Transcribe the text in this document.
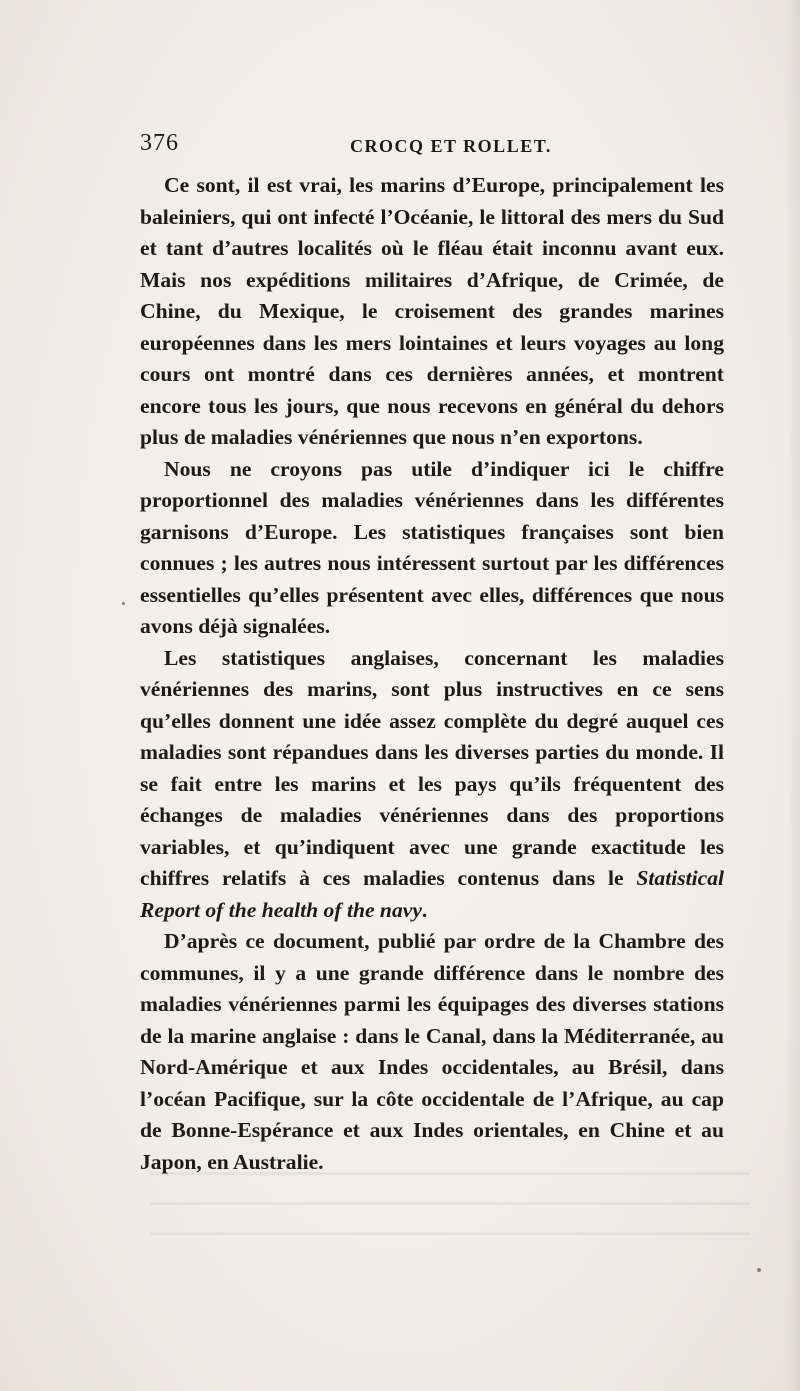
376	CROCQ ET ROLLET.

Ce sont, il est vrai, les marins d’Europe, principalement les baleiniers, qui ont infecté l’Océanie, le littoral des mers du Sud et tant d’autres localités où le fléau était inconnu avant eux. Mais nos expéditions militaires d’Afrique, de Crimée, de Chine, du Mexique, le croisement des grandes marines européennes dans les mers lointaines et leurs voyages au long cours ont montré dans ces dernières années, et montrent encore tous les jours, que nous recevons en général du dehors plus de maladies vénériennes que nous n’en exportons.

Nous ne croyons pas utile d’indiquer ici le chiffre proportionnel des maladies vénériennes dans les différentes garnisons d’Europe. Les statistiques françaises sont bien connues ; les autres nous intéressent surtout par les différences essentielles qu’elles présentent avec elles, différences que nous avons déjà signalées.

Les statistiques anglaises, concernant les maladies vénériennes des marins, sont plus instructives en ce sens qu’elles donnent une idée assez complète du degré auquel ces maladies sont répandues dans les diverses parties du monde. Il se fait entre les marins et les pays qu’ils fréquentent des échanges de maladies vénériennes dans des proportions variables, et qu’indiquent avec une grande exactitude les chiffres relatifs à ces maladies contenus dans le Statistical Report of the health of the navy.

D’après ce document, publié par ordre de la Chambre des communes, il y a une grande différence dans le nombre des maladies vénériennes parmi les équipages des diverses stations de la marine anglaise : dans le Canal, dans la Méditerranée, au Nord-Amérique et aux Indes occidentales, au Brésil, dans l’océan Pacifique, sur la côte occidentale de l’Afrique, au cap de Bonne-Espérance et aux Indes orientales, en Chine et au Japon, en Australie.
